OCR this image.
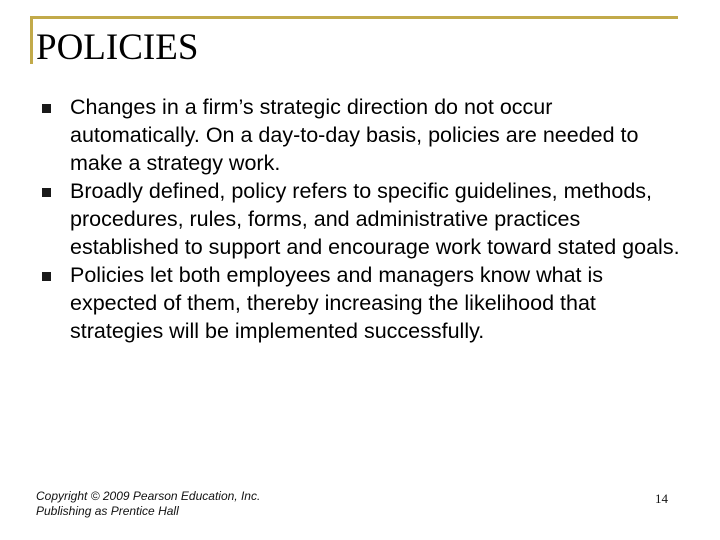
POLICIES
Changes in a firm’s strategic direction do not occur automatically. On a day-to-day basis, policies are needed to make a strategy work.
Broadly defined, policy refers to specific guidelines, methods, procedures, rules, forms, and administrative practices established to support and encourage work toward stated goals.
Policies let both employees and managers know what is expected of them, thereby increasing the likelihood that strategies will be implemented successfully.
Copyright © 2009 Pearson Education, Inc.
Publishing as Prentice Hall
14
